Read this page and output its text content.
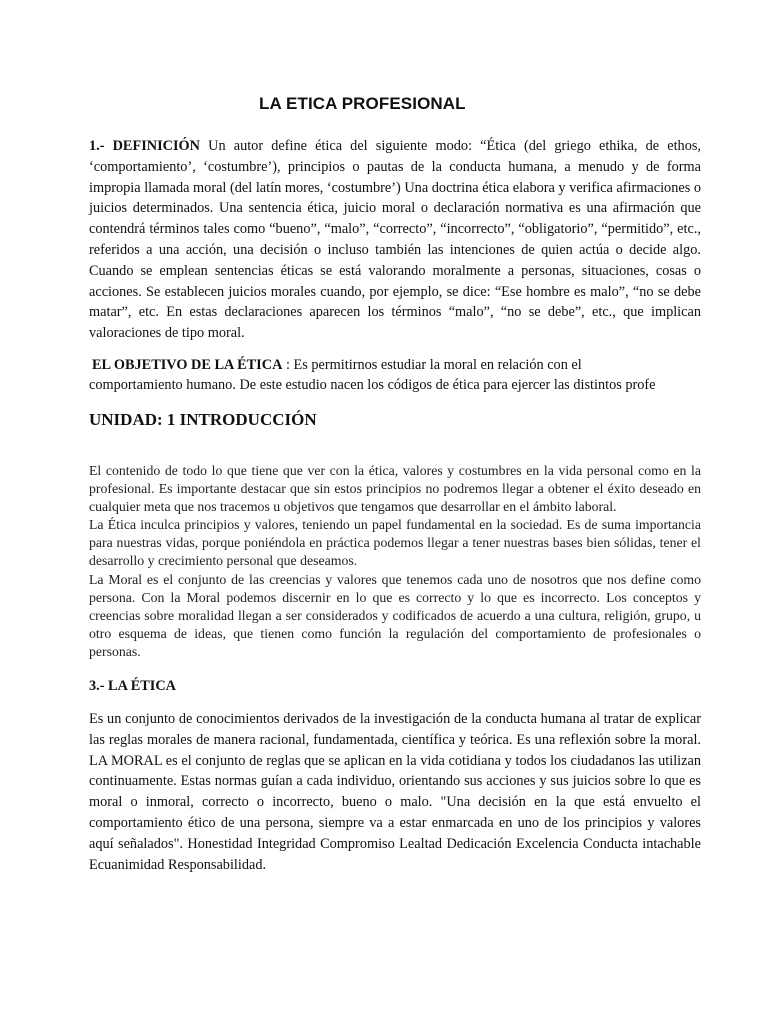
LA ETICA PROFESIONAL

1.- DEFINICIÓN Un autor define ética del siguiente modo: “Ética (del griego ethika, de ethos, ‘comportamiento’, ‘costumbre’), principios o pautas de la conducta humana, a menudo y de forma impropia llamada moral (del latín mores, ‘costumbre’) Una doctrina ética elabora y verifica afirmaciones o juicios determinados. Una sentencia ética, juicio moral o declaración normativa es una afirmación que contendrá términos tales como “bueno”, “malo”, “correcto”, “incorrecto”, “obligatorio”, “permitido”, etc., referidos a una acción, una decisión o incluso también las intenciones de quien actúa o decide algo. Cuando se emplean sentencias éticas se está valorando moralmente a personas, situaciones, cosas o acciones. Se establecen juicios morales cuando, por ejemplo, se dice: “Ese hombre es malo”, “no se debe matar”, etc. En estas declaraciones aparecen los términos “malo”, “no se debe”, etc., que implican valoraciones de tipo moral.

EL OBJETIVO DE LA ÉTICA : Es permitirnos estudiar la moral en relación con el
comportamiento humano. De este estudio nacen los códigos de ética para ejercer las distintos profe
UNIDAD: 1 INTRODUCCIÓN

El contenido de todo lo que tiene que ver con la ética, valores y costumbres en la vida personal como en la profesional. Es importante destacar que sin estos principios no podremos llegar a obtener el éxito deseado en cualquier meta que nos tracemos u objetivos que tengamos que desarrollar en el ámbito laboral.

La Ética inculca principios y valores, teniendo un papel fundamental en la sociedad. Es de suma importancia para nuestras vidas, porque poniéndola en práctica podemos llegar a tener nuestras bases bien sólidas, tener el desarrollo y crecimiento personal que deseamos.

La Moral es el conjunto de las creencias y valores que tenemos cada uno de nosotros que nos define como persona. Con la Moral podemos discernir en lo que es correcto y lo que es incorrecto. Los conceptos y creencias sobre moralidad llegan a ser considerados y codificados de acuerdo a una cultura, religión, grupo, u otro esquema de ideas, que tienen como función la regulación del comportamiento de profesionales o personas.

3.- LA ÉTICA

Es un conjunto de conocimientos derivados de la investigación de la conducta humana al tratar de explicar las reglas morales de manera racional, fundamentada, científica y teórica. Es una reflexión sobre la moral. LA MORAL es el conjunto de reglas que se aplican en la vida cotidiana y todos los ciudadanos las utilizan continuamente. Estas normas guían a cada individuo, orientando sus acciones y sus juicios sobre lo que es moral o inmoral, correcto o incorrecto, bueno o malo. "Una decisión en la que está envuelto el comportamiento ético de una persona, siempre va a estar enmarcada en uno de los principios y valores aquí señalados". Honestidad Integridad Compromiso Lealtad Dedicación Excelencia Conducta intachable Ecuanimidad Responsabilidad.
